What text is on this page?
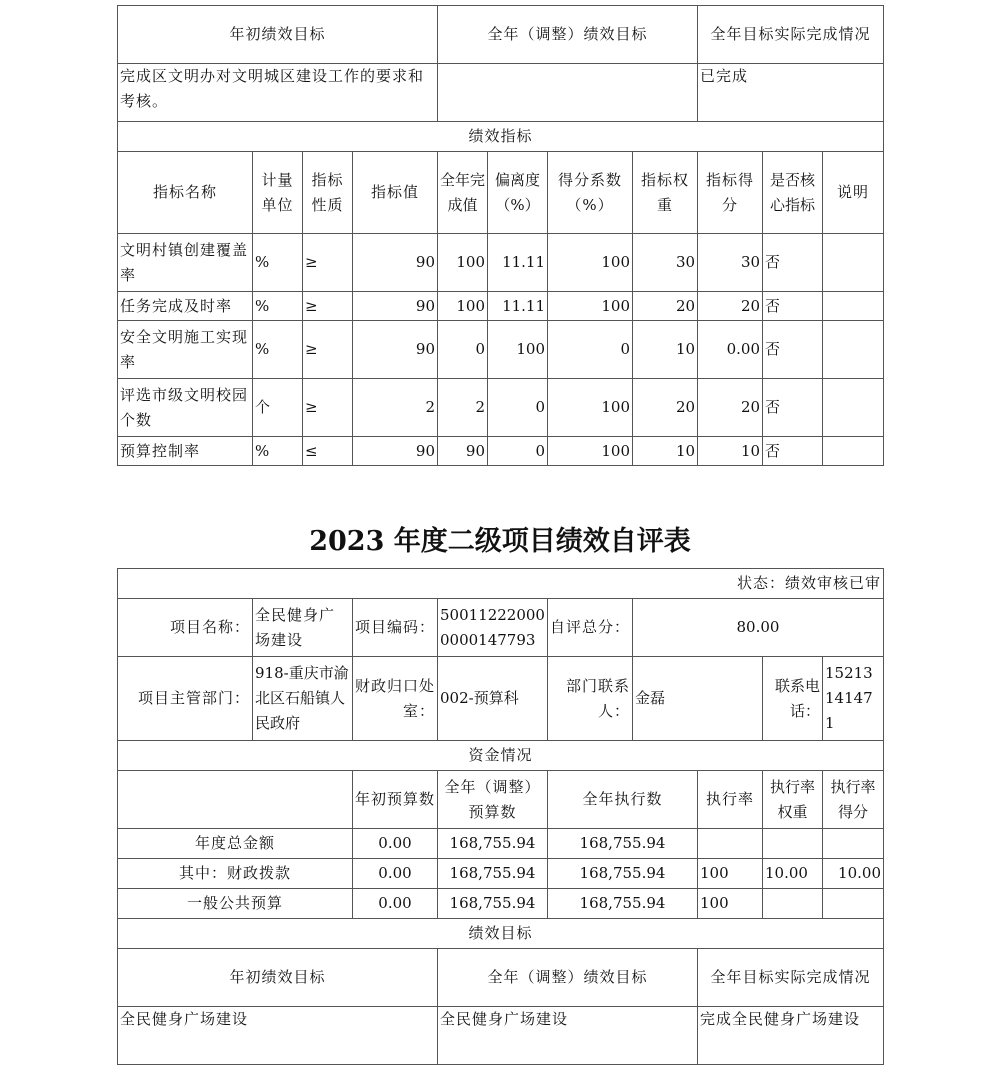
年初绩效目标				全年（调整）绩效目标				全年目标实际完成情况		
完成区文明办对文明城区建设工作的要求和考核。								已完成		
绩效指标										
指标名称	计量单位	指标性质	指标值	全年完成值	偏离度（%）	得分系数（%）	指标权重	指标得分	是否核心指标	说明
文明村镇创建覆盖率	%	≥	90	100	11.11	100	30	30	否	
任务完成及时率	%	≥	90	100	11.11	100	20	20	否	
安全文明施工实现率	%	≥	90	0	100	0	10	0.00	否	
评选市级文明校园个数	个	≥	2	2	0	100	20	20	否	
预算控制率	%	≤	90	90	0	100	10	10	否	
2023 年度二级项目绩效自评表
状态：绩效审核已审								
项目名称：	全民健身广场建设	项目编码：	500112220000000147793	自评总分：	80.00			
项目主管部门：	918-重庆市渝北区石船镇人民政府	财政归口处室：	002-预算科	部门联系人：	金磊		联系电话：	15213141471
资金情况								
		年初预算数	全年（调整）预算数	全年执行数		执行率	执行率权重	执行率得分
年度总金额		0.00	168,755.94	168,755.94				
其中：财政拨款		0.00	168,755.94	168,755.94		100	10.00	10.00
一般公共预算		0.00	168,755.94	168,755.94		100		
绩效目标								
年初绩效目标			全年（调整）绩效目标			全年目标实际完成情况		
全民健身广场建设			全民健身广场建设			完成全民健身广场建设		
